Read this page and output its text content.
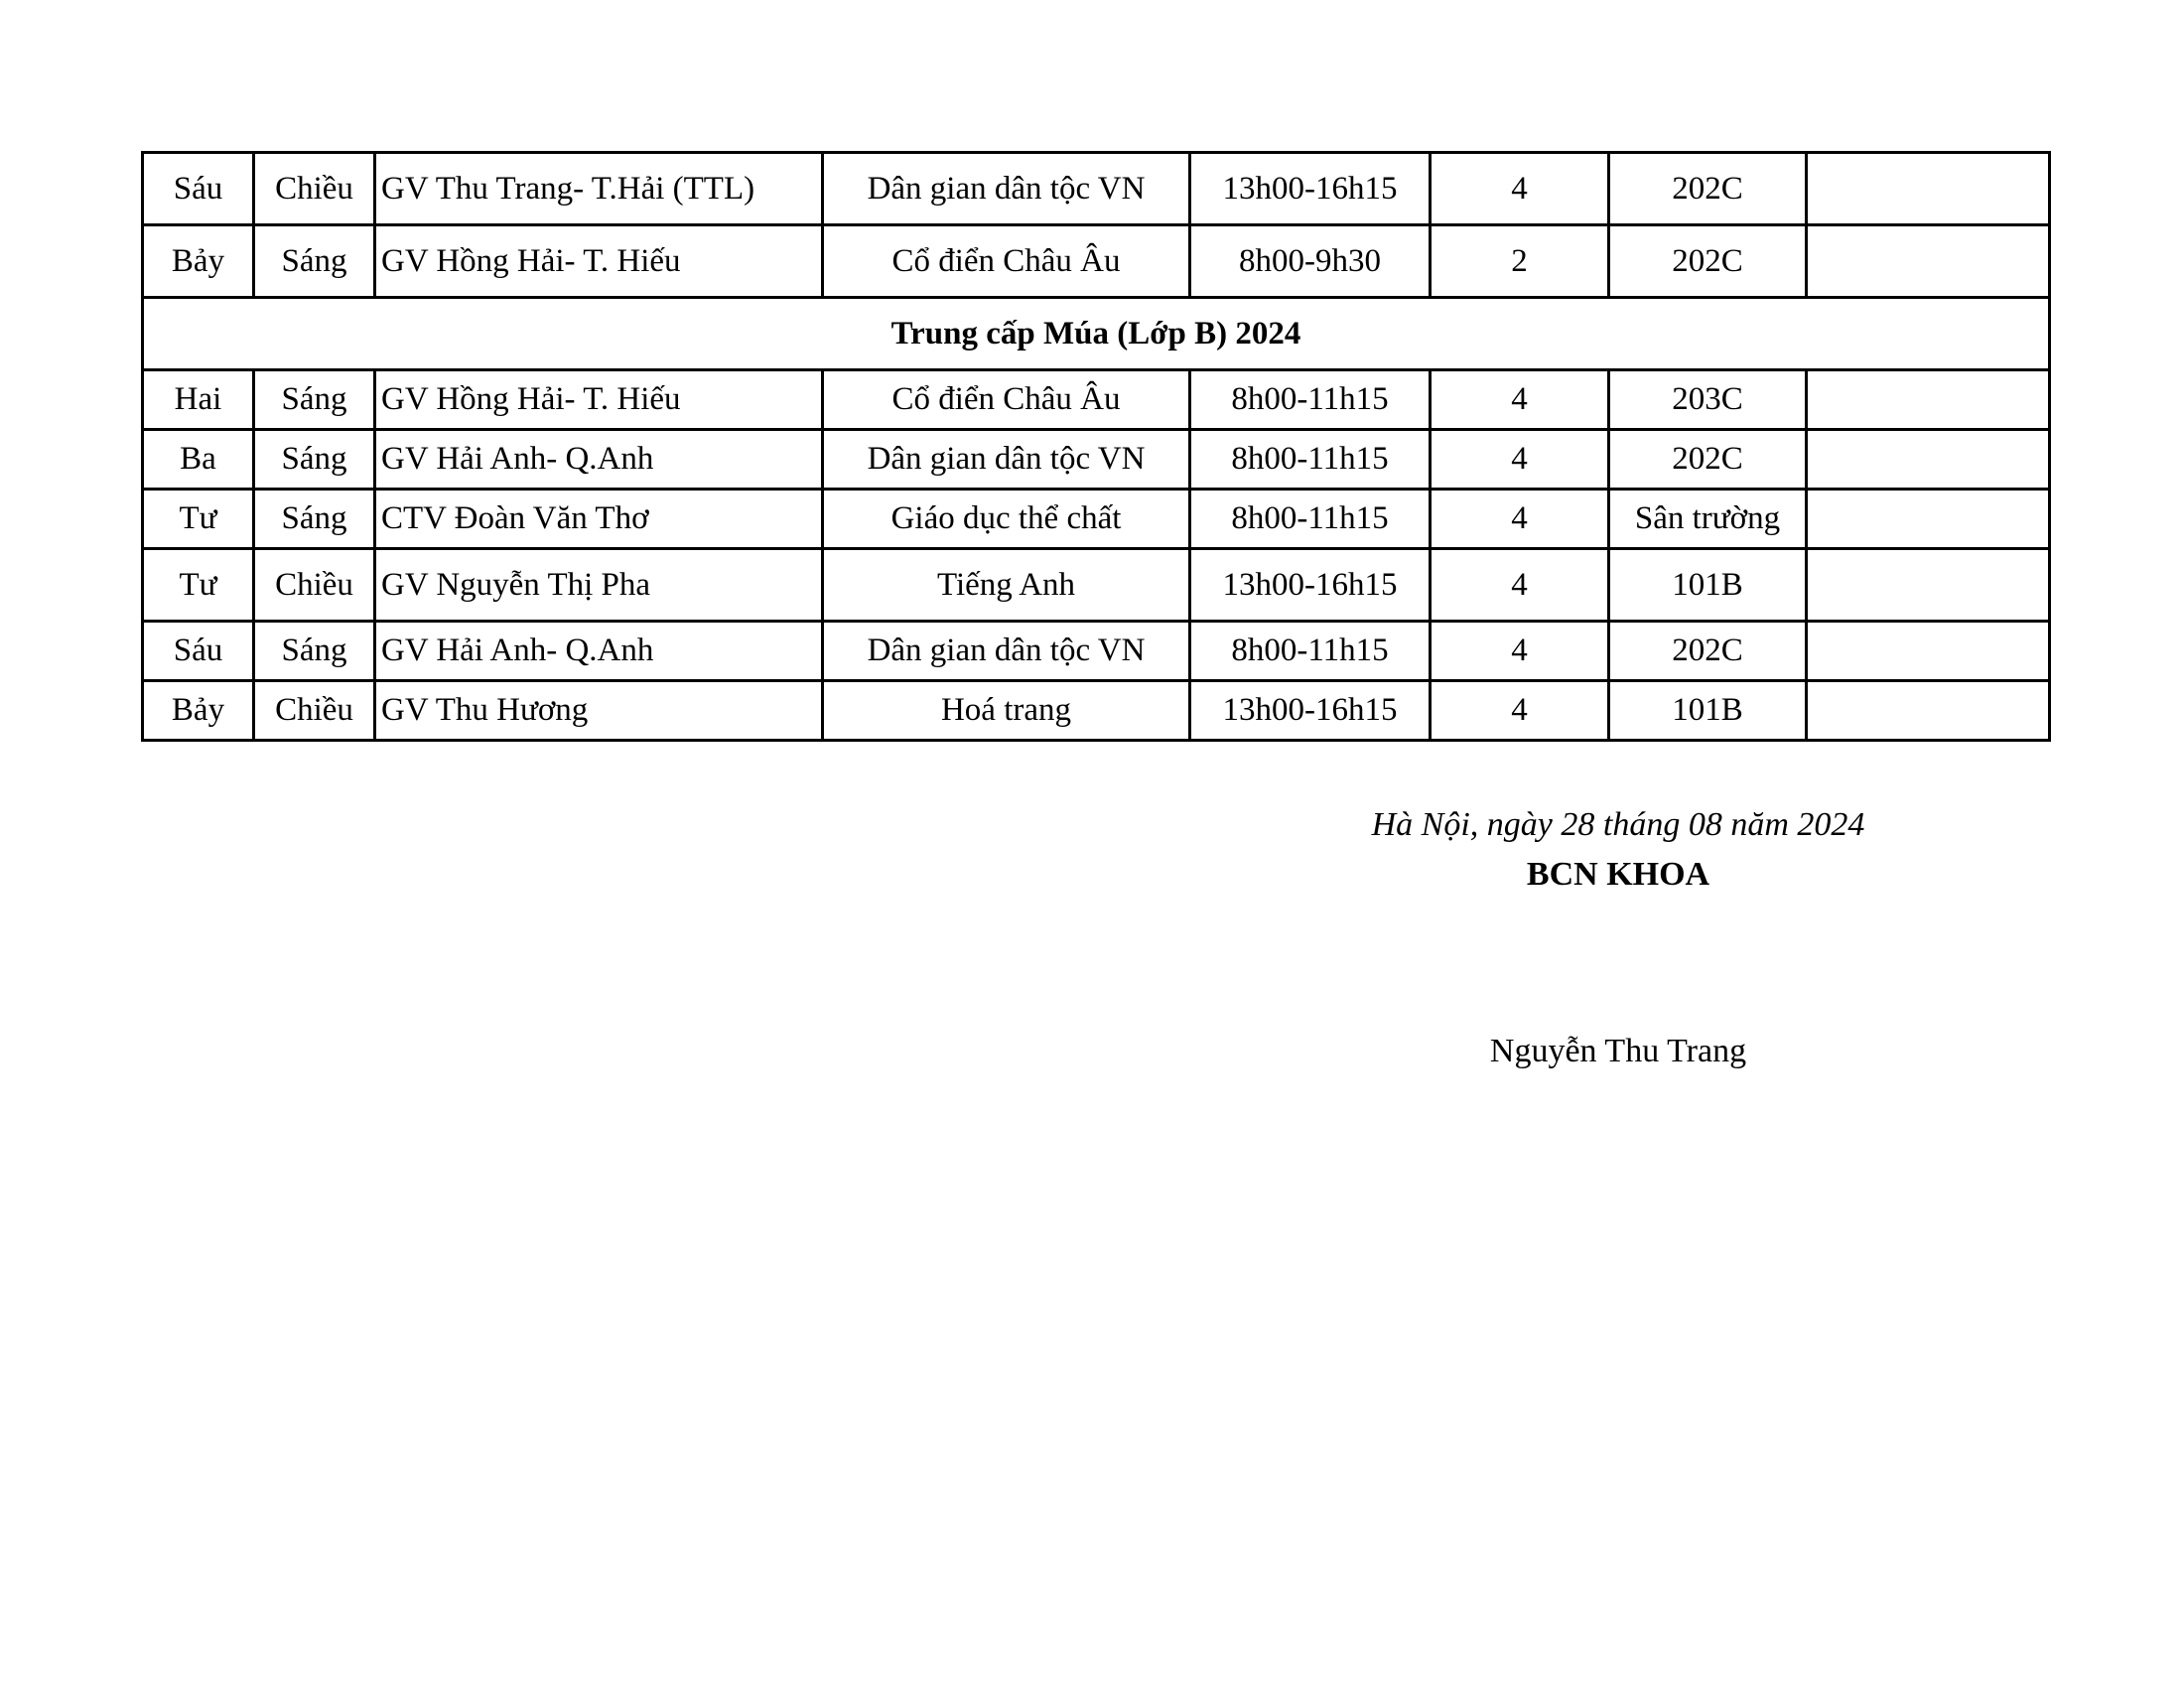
Sáu	Chiều	GV Thu Trang- T.Hải (TTL)	Dân gian dân tộc VN	13h00-16h15	4	202C	
Bảy	Sáng	GV Hồng Hải- T. Hiếu	Cổ điển Châu Âu	8h00-9h30	2	202C	
Trung cấp Múa (Lớp B) 2024							
Hai	Sáng	GV Hồng Hải- T. Hiếu	Cổ điển Châu Âu	8h00-11h15	4	203C	
Ba	Sáng	GV Hải Anh- Q.Anh	Dân gian dân tộc VN	8h00-11h15	4	202C	
Tư	Sáng	CTV Đoàn Văn Thơ	Giáo dục thể chất	8h00-11h15	4	Sân trường	
Tư	Chiều	GV Nguyễn Thị Pha	Tiếng Anh	13h00-16h15	4	101B	
Sáu	Sáng	GV Hải Anh- Q.Anh	Dân gian dân tộc VN	8h00-11h15	4	202C	
Bảy	Chiều	GV Thu Hương	Hoá trang	13h00-16h15	4	101B	
Hà Nội, ngày 28 tháng 08 năm 2024
BCN KHOA
Nguyễn Thu Trang
